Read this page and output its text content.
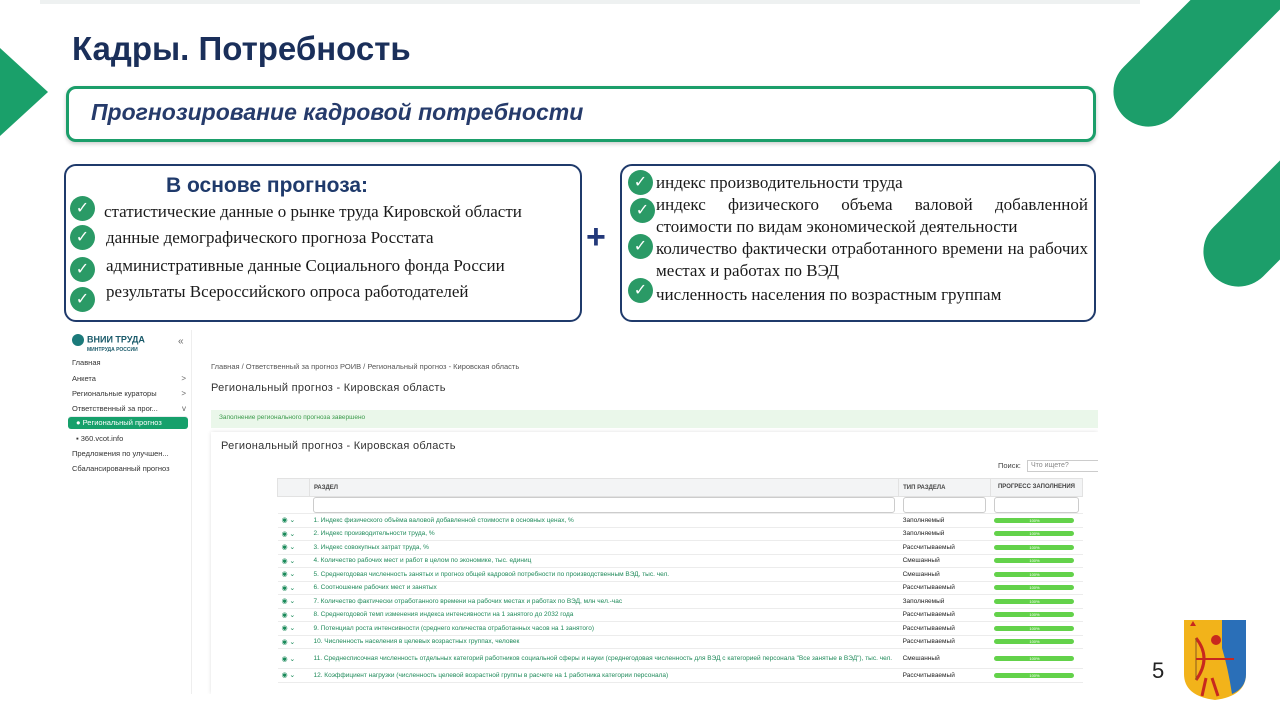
Кадры. Потребность
Прогнозирование кадровой потребности
В основе прогноза:
✓ статистические данные о рынке труда Кировской области
✓ данные демографического прогноза Росстата
✓ административные данные Социального фонда России
✓ результаты Всероссийского опроса работодателей
+
✓ индекс производительности труда
✓ индекс физического объема валовой добавленной стоимости по видам экономической деятельности
✓ количество фактически отработанного времени на рабочих местах и работах по ВЭД
✓ численность населения по возрастным группам
ВНИИ ТРУДА
МИНТРУДА РОССИИ
«
Главная
Анкета	>
Региональные кураторы	>
Ответственный за прог...	v
● Региональный прогноз
▪ 360.vcot.info
Предложения по улучшен...
Сбалансированный прогноз
Главная / Ответственный за прогноз РОИВ / Региональный прогноз - Кировская область
Региональный прогноз - Кировская область
Заполнение регионального прогноза завершено
Региональный прогноз - Кировская область
Поиск:	Что ищете?
	РАЗДЕЛ	ТИП РАЗДЕЛА	ПРОГРЕСС ЗАПОЛНЕНИЯ

◉ ⌄	1. Индекс физического объёма валовой добавленной стоимости в основных ценах, %	Заполняемый	100%

◉ ⌄	2. Индекс производительности труда, %	Заполняемый	100%

◉ ⌄	3. Индекс совокупных затрат труда, %	Рассчитываемый	100%

◉ ⌄	4. Количество рабочих мест и работ в целом по экономике, тыс. единиц	Смешанный	100%

◉ ⌄	5. Среднегодовая численность занятых и прогноз общей кадровой потребности по производственным ВЭД, тыс. чел.	Смешанный	100%

◉ ⌄	6. Соотношение рабочих мест и занятых	Рассчитываемый	100%

◉ ⌄	7. Количество фактически отработанного времени на рабочих местах и работах по ВЭД, млн чел.-час	Заполняемый	100%

◉ ⌄	8. Среднегодовой темп изменения индекса интенсивности на 1 занятого до 2032 года	Рассчитываемый	100%

◉ ⌄	9. Потенциал роста интенсивности (среднего количества отработанных часов на 1 занятого)	Рассчитываемый	100%

◉ ⌄	10. Численность населения в целевых возрастных группах, человек	Рассчитываемый	100%

◉ ⌄	11. Среднесписочная численность отдельных категорий работников социальной сферы и науки (среднегодовая численность для ВЭД с категорией персонала "Все занятые в ВЭД"), тыс. чел.	Смешанный	100%

◉ ⌄	12. Коэффициент нагрузки (численность целевой возрастной группы в расчете на 1 работника категории персонала)	Рассчитываемый	100%	5
